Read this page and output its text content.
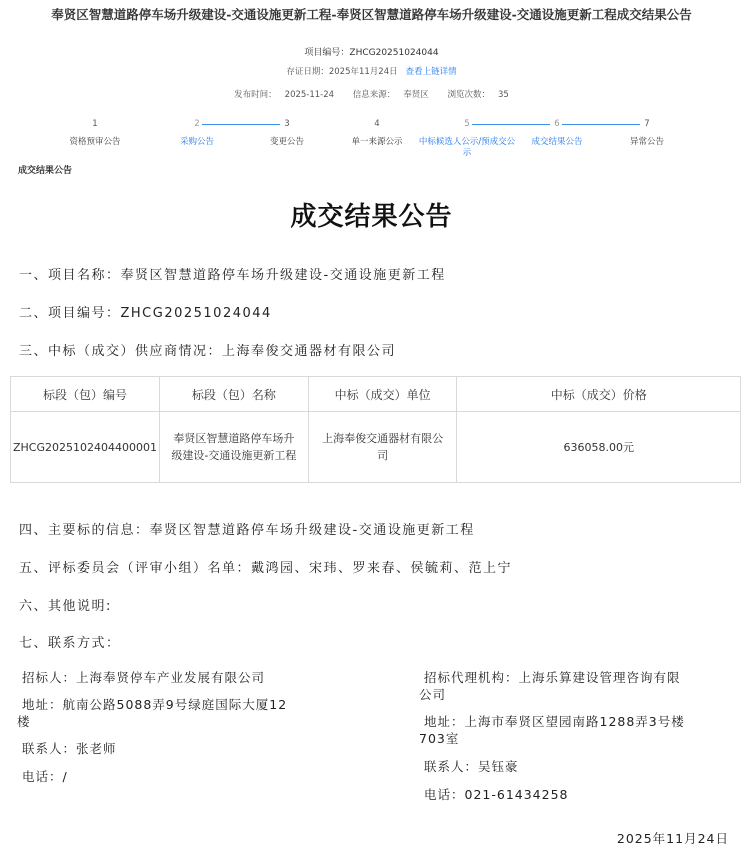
奉贤区智慧道路停车场升级建设-交通设施更新工程-奉贤区智慧道路停车场升级建设-交通设施更新工程成交结果公告
项目编号：ZHCG20251024044
存证日期：2025年11月24日 查看上链详情
发布时间： 2025-11-24 信息来源： 奉贤区 浏览次数： 35
1
资格预审公告
2
采购公告
3
变更公告
4
单一来源公示
5
中标候选人公示/预成交公示
6
成交结果公告
7
异常公告
成交结果公告
成交结果公告
一、项目名称：奉贤区智慧道路停车场升级建设-交通设施更新工程
二、项目编号：ZHCG20251024044
三、中标（成交）供应商情况：上海奉俊交通器材有限公司
标段（包）编号	标段（包）名称	中标（成交）单位	中标（成交）价格
ZHCG2025102404400001	奉贤区智慧道路停车场升级建设-交通设施更新工程	上海奉俊交通器材有限公司	636058.00元
四、主要标的信息：奉贤区智慧道路停车场升级建设-交通设施更新工程
五、评标委员会（评审小组）名单：戴鸿园、宋玮、罗来春、侯毓莉、范上宁
六、其他说明:
七、联系方式：
招标人：上海奉贤停车产业发展有限公司
地址：航南公路5088弄9号绿庭国际大厦12
楼
联系人：张老师
电话：/
招标代理机构：上海乐算建设管理咨询有限
公司
地址：上海市奉贤区望园南路1288弄3号楼
703室
联系人：吴钰豪
电话：021-61434258
2025年11月24日
